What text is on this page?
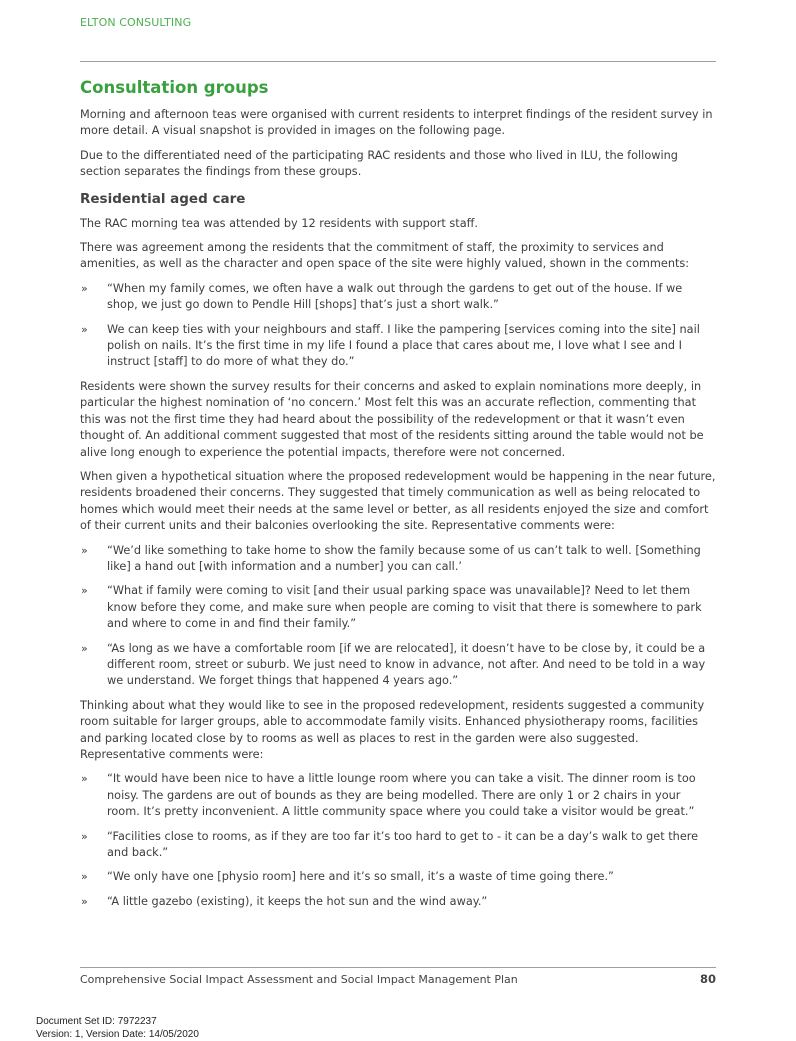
ELTON CONSULTING
Consultation groups

Morning and afternoon teas were organised with current residents to interpret findings of the resident survey in more detail. A visual snapshot is provided in images on the following page.

Due to the differentiated need of the participating RAC residents and those who lived in ILU, the following section separates the findings from these groups.

Residential aged care

The RAC morning tea was attended by 12 residents with support staff.

There was agreement among the residents that the commitment of staff, the proximity to services and amenities, as well as the character and open space of the site were highly valued, shown in the comments:

» “When my family comes, we often have a walk out through the gardens to get out of the house. If we shop, we just go down to Pendle Hill [shops] that’s just a short walk.”
» We can keep ties with your neighbours and staff. I like the pampering [services coming into the site] nail polish on nails. It’s the first time in my life I found a place that cares about me, I love what I see and I instruct [staff] to do more of what they do.”

Residents were shown the survey results for their concerns and asked to explain nominations more deeply, in particular the highest nomination of ‘no concern.’ Most felt this was an accurate reflection, commenting that this was not the first time they had heard about the possibility of the redevelopment or that it wasn’t even thought of. An additional comment suggested that most of the residents sitting around the table would not be alive long enough to experience the potential impacts, therefore were not concerned.

When given a hypothetical situation where the proposed redevelopment would be happening in the near future, residents broadened their concerns. They suggested that timely communication as well as being relocated to homes which would meet their needs at the same level or better, as all residents enjoyed the size and comfort of their current units and their balconies overlooking the site. Representative comments were:

» “We’d like something to take home to show the family because some of us can’t talk to well. [Something like] a hand out [with information and a number] you can call.’
» “What if family were coming to visit [and their usual parking space was unavailable]? Need to let them know before they come, and make sure when people are coming to visit that there is somewhere to park and where to come in and find their family.”
» “As long as we have a comfortable room [if we are relocated], it doesn’t have to be close by, it could be a different room, street or suburb. We just need to know in advance, not after. And need to be told in a way we understand. We forget things that happened 4 years ago.”

Thinking about what they would like to see in the proposed redevelopment, residents suggested a community room suitable for larger groups, able to accommodate family visits. Enhanced physiotherapy rooms, facilities and parking located close by to rooms as well as places to rest in the garden were also suggested. Representative comments were:

» “It would have been nice to have a little lounge room where you can take a visit. The dinner room is too noisy. The gardens are out of bounds as they are being modelled. There are only 1 or 2 chairs in your room. It’s pretty inconvenient. A little community space where you could take a visitor would be great.”
» “Facilities close to rooms, as if they are too far it’s too hard to get to - it can be a day’s walk to get there and back.”
» “We only have one [physio room] here and it’s so small, it’s a waste of time going there.”
» “A little gazebo (existing), it keeps the hot sun and the wind away.”
Comprehensive Social Impact Assessment and Social Impact Management Plan	80
Document Set ID: 7972237
Version: 1, Version Date: 14/05/2020
